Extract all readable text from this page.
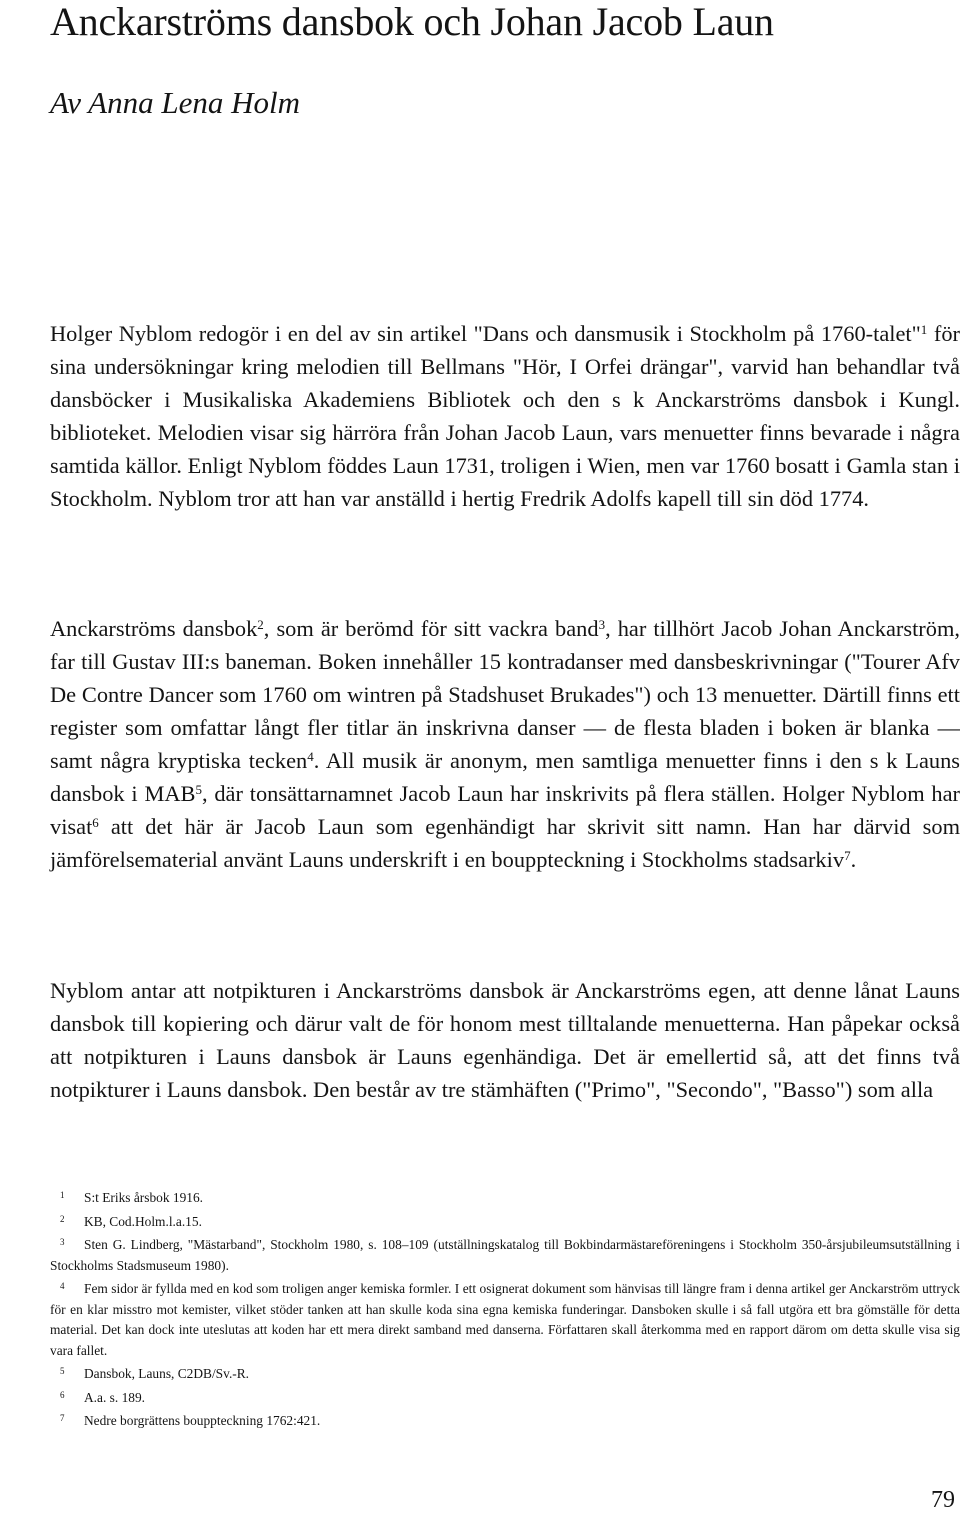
Anckarströms dansbok och Johan Jacob Laun

Av Anna Lena Holm

Holger Nyblom redogör i en del av sin artikel "Dans och dansmusik i Stockholm på 1760-talet"$^1$ för sina undersökningar kring melodien till Bellmans "Hör, I Orfei drängar", varvid han behandlar två dansböcker i Musikaliska Akademiens Bibliotek och den s k Anckarströms dansbok i Kungl. biblioteket. Melodien visar sig härröra från Johan Jacob Laun, vars menuetter finns bevarade i några samtida källor. Enligt Nyblom föddes Laun 1731, troligen i Wien, men var 1760 bosatt i Gamla stan i Stockholm. Nyblom tror att han var anställd i hertig Fredrik Adolfs kapell till sin död 1774.

Anckarströms dansbok$^2$, som är berömd för sitt vackra band$^3$, har tillhört Jacob Johan Anckarström, far till Gustav III:s baneman. Boken innehåller 15 kontradanser med dansbeskrivningar ("Tourer Afv De Contre Dancer som 1760 om wintren på Stadshuset Brukades") och 13 menuetter. Därtill finns ett register som omfattar långt fler titlar än inskrivna danser — de flesta bladen i boken är blanka — samt några kryptiska tecken$^4$. All musik är anonym, men samtliga menuetter finns i den s k Launs dansbok i MAB$^5$, där tonsättarnamnet Jacob Laun har inskrivits på flera ställen. Holger Nyblom har visat$^6$ att det här är Jacob Laun som egenhändigt har skrivit sitt namn. Han har därvid som jämförelsematerial använt Launs underskrift i en bouppteckning i Stockholms stadsarkiv$^7$.

Nyblom antar att notpikturen i Anckarströms dansbok är Anckarströms egen, att denne lånat Launs dansbok till kopiering och därur valt de för honom mest tilltalande menuetterna. Han påpekar också att notpikturen i Launs dansbok är Launs egenhändiga. Det är emellertid så, att det finns två notpikturer i Launs dansbok. Den består av tre stämhäften ("Primo", "Secondo", "Basso") som alla

1 S:t Eriks årsbok 1916.

2 KB, Cod.Holm.l.a.15.

3 Sten G. Lindberg, "Mästarband", Stockholm 1980, s. 108–109 (utställningskatalog till Bokbindarmästareföreningens i Stockholm 350-årsjubileumsutställning i Stockholms Stadsmuseum 1980).

4 Fem sidor är fyllda med en kod som troligen anger kemiska formler. I ett osignerat dokument som hänvisas till längre fram i denna artikel ger Anckarström uttryck för en klar misstro mot kemister, vilket stöder tanken att han skulle koda sina egna kemiska funderingar. Dansboken skulle i så fall utgöra ett bra gömställe för detta material. Det kan dock inte uteslutas att koden har ett mera direkt samband med danserna. Författaren skall återkomma med en rapport därom om detta skulle visa sig vara fallet.

5 Dansbok, Launs, C2DB/Sv.-R.

6 A.a. s. 189.

7 Nedre borgrättens bouppteckning 1762:421.

79
